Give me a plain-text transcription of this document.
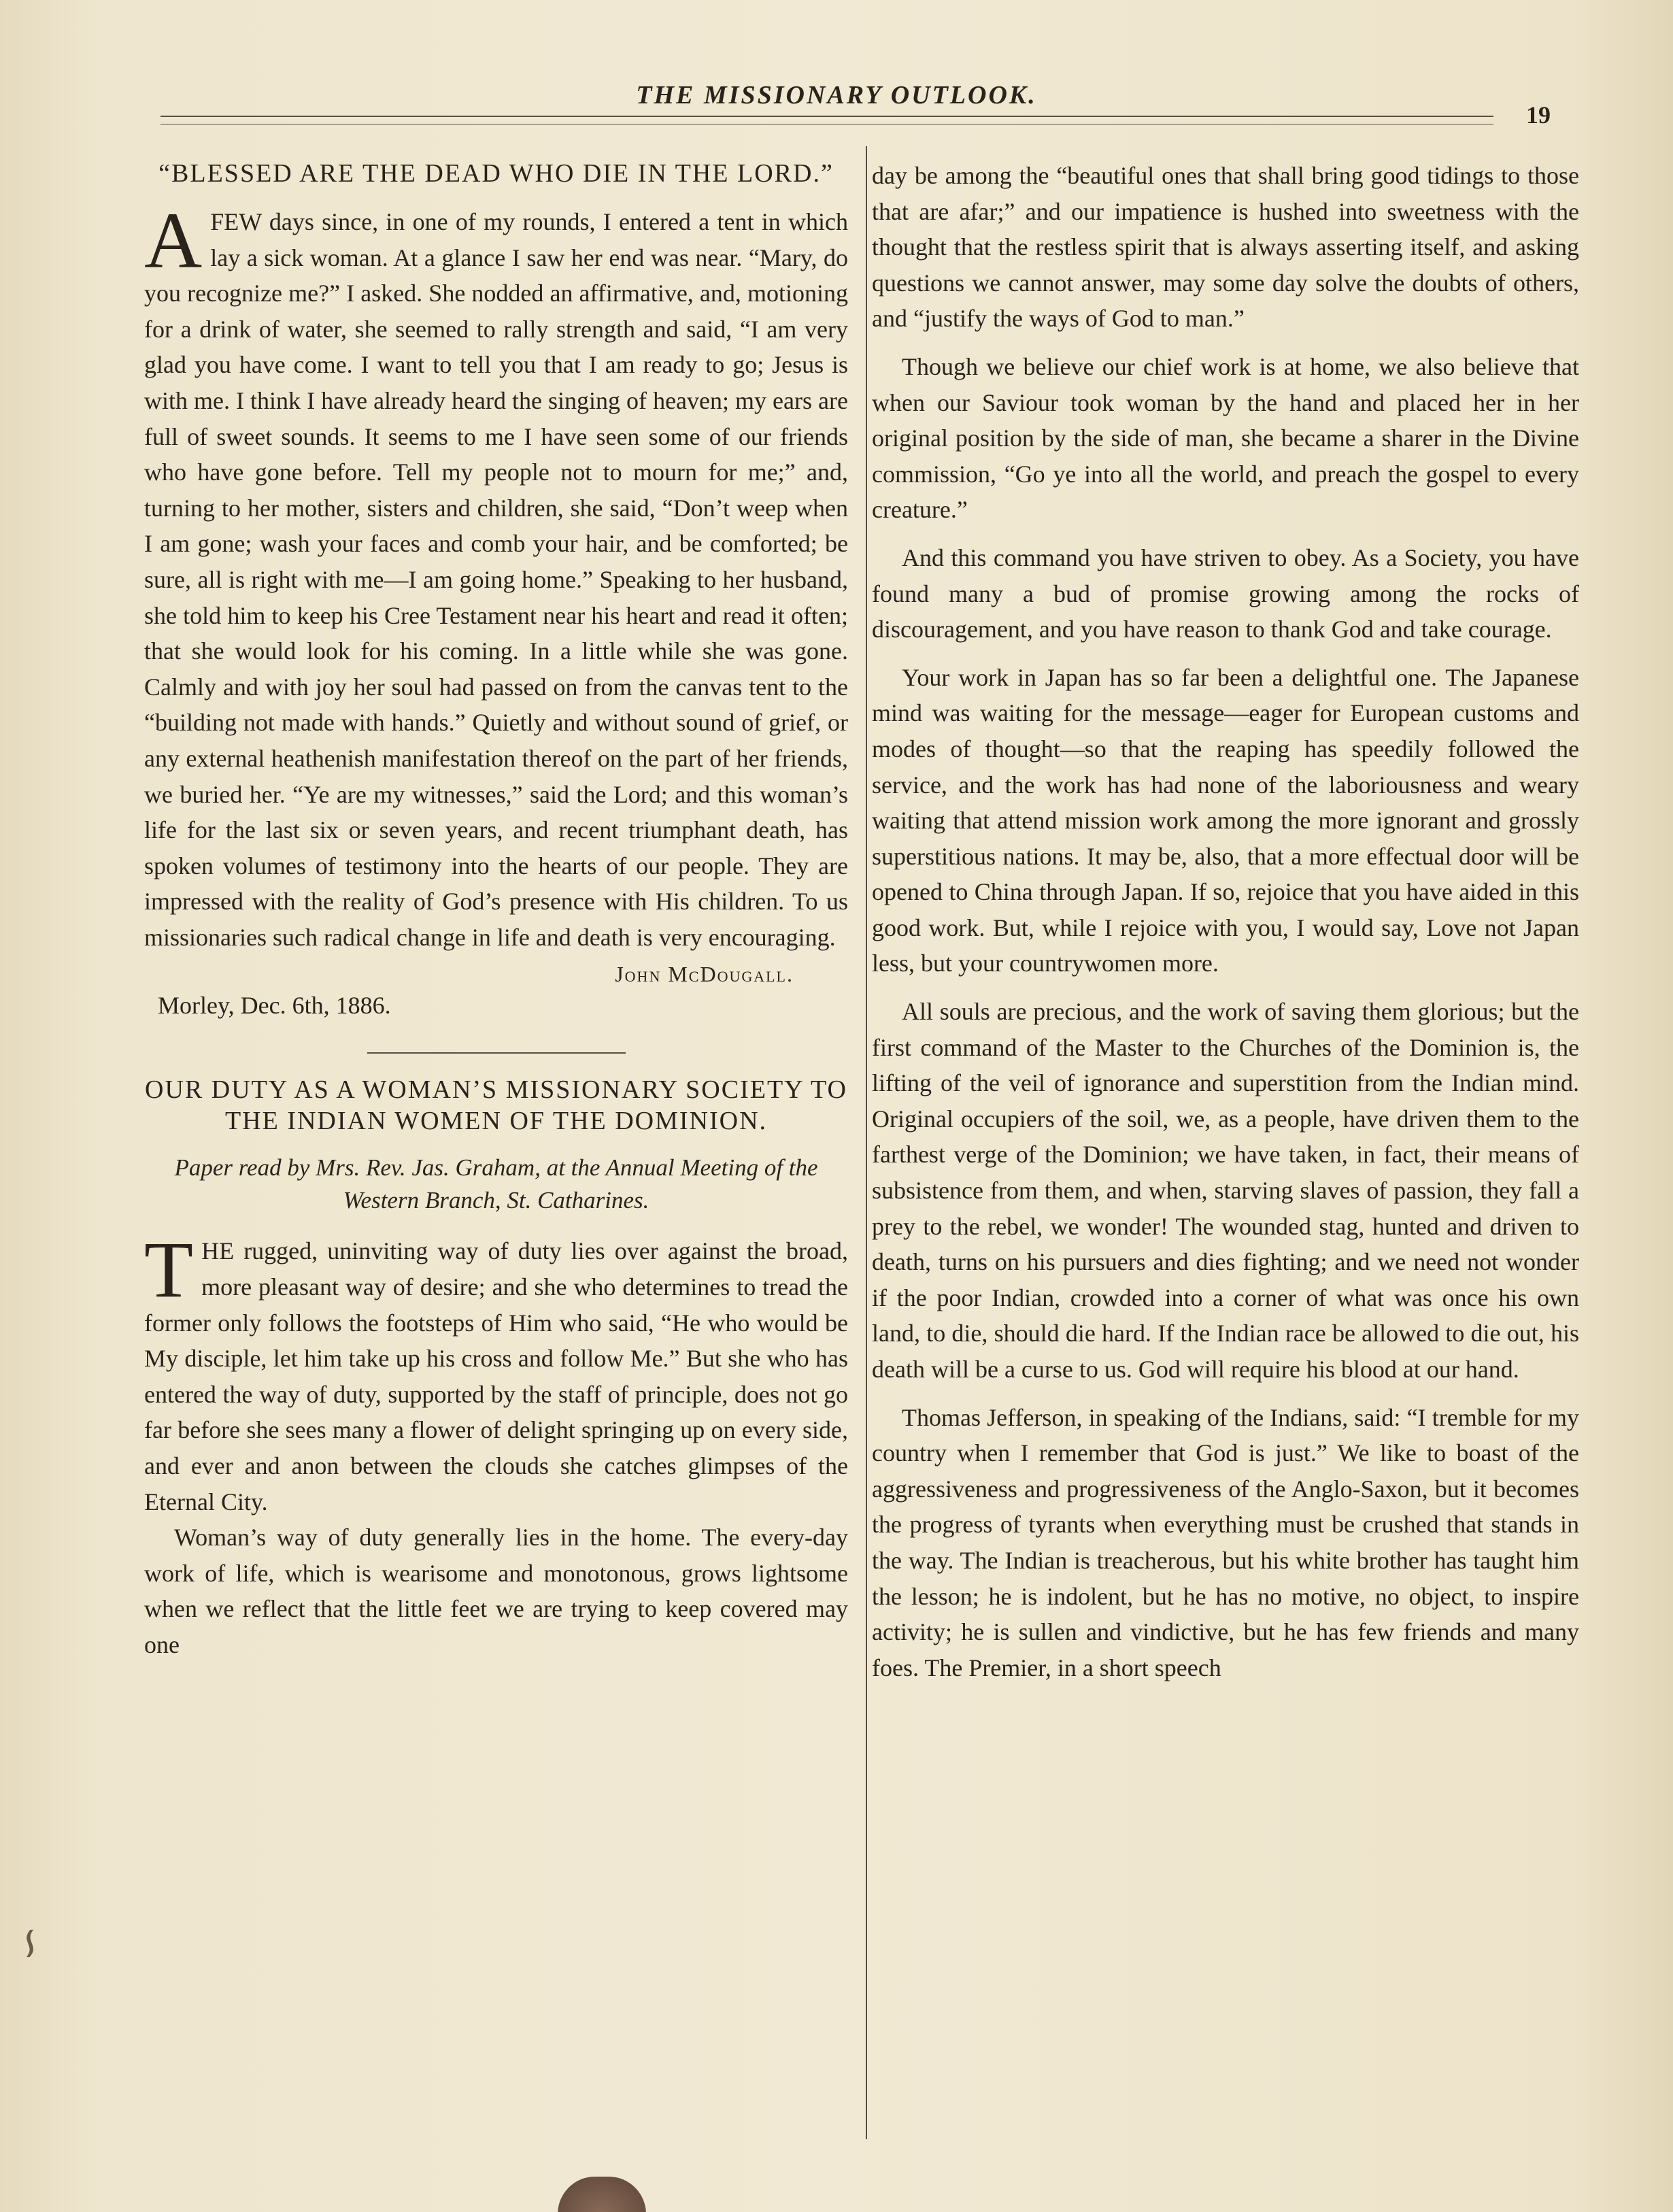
THE MISSIONARY OUTLOOK.
19
“BLESSED ARE THE DEAD WHO DIE IN THE LORD.”

AFEW days since, in one of my rounds, I entered a tent in which lay a sick woman. At a glance I saw her end was near. “Mary, do you recognize me?” I asked. She nodded an affirmative, and, motioning for a drink of water, she seemed to rally strength and said, “I am very glad you have come. I want to tell you that I am ready to go; Jesus is with me. I think I have already heard the singing of heaven; my ears are full of sweet sounds. It seems to me I have seen some of our friends who have gone before. Tell my people not to mourn for me;” and, turning to her mother, sisters and children, she said, “Don’t weep when I am gone; wash your faces and comb your hair, and be comforted; be sure, all is right with me—I am going home.” Speaking to her husband, she told him to keep his Cree Testament near his heart and read it often; that she would look for his coming. In a little while she was gone. Calmly and with joy her soul had passed on from the canvas tent to the “building not made with hands.” Quietly and without sound of grief, or any external heathenish manifestation thereof on the part of her friends, we buried her. “Ye are my witnesses,” said the Lord; and this woman’s life for the last six or seven years, and recent triumphant death, has spoken volumes of testimony into the hearts of our people. They are impressed with the reality of God’s presence with His children. To us missionaries such radical change in life and death is very encouraging.

John McDougall.

Morley, Dec. 6th, 1886.

OUR DUTY AS A WOMAN’S MISSIONARY SOCIETY TO THE INDIAN WOMEN OF THE DOMINION.

Paper read by Mrs. Rev. Jas. Graham, at the Annual Meeting of the Western Branch, St. Catharines.

THE rugged, uninviting way of duty lies over against the broad, more pleasant way of desire; and she who determines to tread the former only follows the footsteps of Him who said, “He who would be My disciple, let him take up his cross and follow Me.” But she who has entered the way of duty, supported by the staff of principle, does not go far before she sees many a flower of delight springing up on every side, and ever and anon between the clouds she catches glimpses of the Eternal City.

Woman’s way of duty generally lies in the home. The every-day work of life, which is wearisome and monotonous, grows lightsome when we reflect that the little feet we are trying to keep covered may one

day be among the “beautiful ones that shall bring good tidings to those that are afar;” and our impatience is hushed into sweetness with the thought that the restless spirit that is always asserting itself, and asking questions we cannot answer, may some day solve the doubts of others, and “justify the ways of God to man.”

Though we believe our chief work is at home, we also believe that when our Saviour took woman by the hand and placed her in her original position by the side of man, she became a sharer in the Divine commission, “Go ye into all the world, and preach the gospel to every creature.”

And this command you have striven to obey. As a Society, you have found many a bud of promise growing among the rocks of discouragement, and you have reason to thank God and take courage.

Your work in Japan has so far been a delightful one. The Japanese mind was waiting for the message—eager for European customs and modes of thought—so that the reaping has speedily followed the service, and the work has had none of the laboriousness and weary waiting that attend mission work among the more ignorant and grossly superstitious nations. It may be, also, that a more effectual door will be opened to China through Japan. If so, rejoice that you have aided in this good work. But, while I rejoice with you, I would say, Love not Japan less, but your countrywomen more.

All souls are precious, and the work of saving them glorious; but the first command of the Master to the Churches of the Dominion is, the lifting of the veil of ignorance and superstition from the Indian mind. Original occupiers of the soil, we, as a people, have driven them to the farthest verge of the Dominion; we have taken, in fact, their means of subsistence from them, and when, starving slaves of passion, they fall a prey to the rebel, we wonder! The wounded stag, hunted and driven to death, turns on his pursuers and dies fighting; and we need not wonder if the poor Indian, crowded into a corner of what was once his own land, to die, should die hard. If the Indian race be allowed to die out, his death will be a curse to us. God will require his blood at our hand.

Thomas Jefferson, in speaking of the Indians, said: “I tremble for my country when I remember that God is just.” We like to boast of the aggressiveness and progressiveness of the Anglo-Saxon, but it becomes the progress of tyrants when everything must be crushed that stands in the way. The Indian is treacherous, but his white brother has taught him the lesson; he is indolent, but he has no motive, no object, to inspire activity; he is sullen and vindictive, but he has few friends and many foes. The Premier, in a short speech

∽
